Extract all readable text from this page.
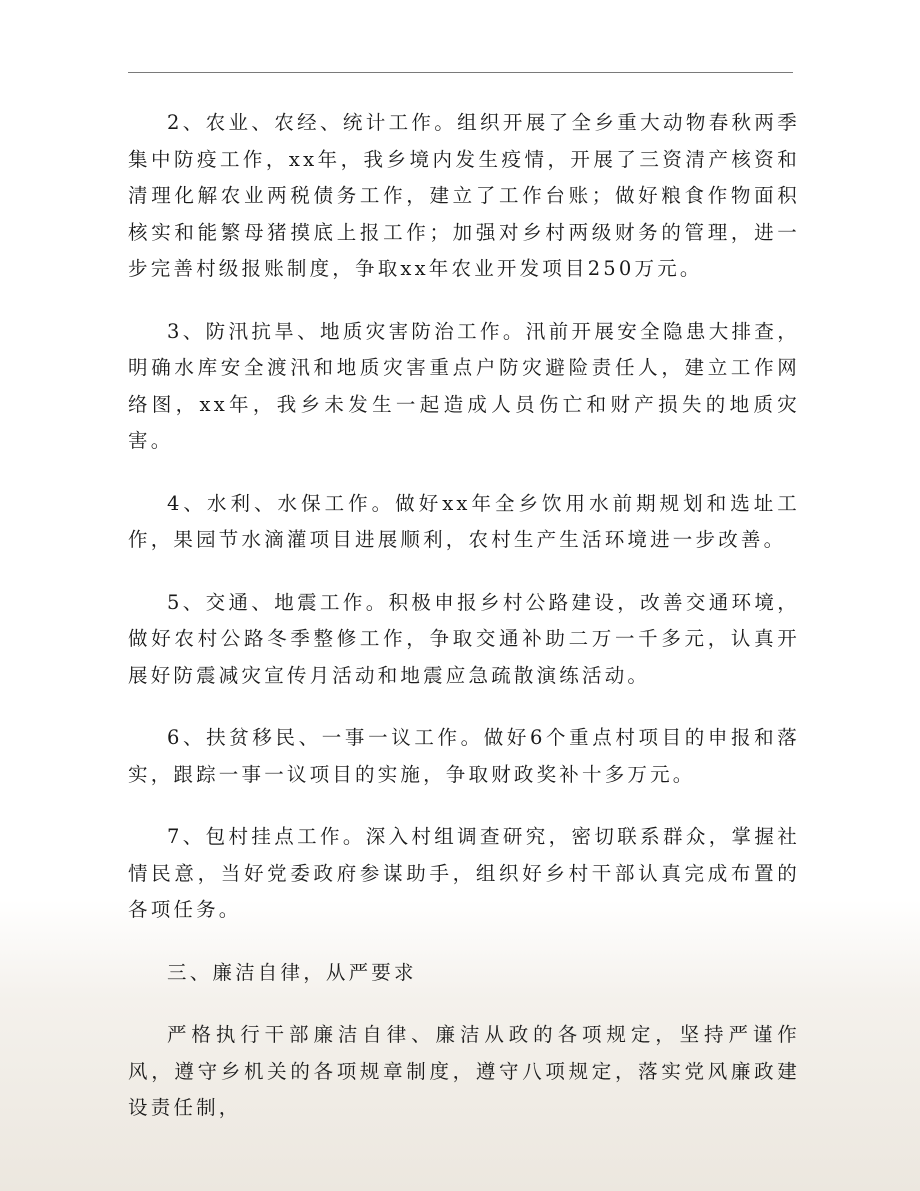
2、农业、农经、统计工作。组织开展了全乡重大动物春秋两季集中防疫工作，xx年，我乡境内发生疫情，开展了三资清产核资和清理化解农业两税债务工作，建立了工作台账；做好粮食作物面积核实和能繁母猪摸底上报工作；加强对乡村两级财务的管理，进一步完善村级报账制度，争取xx年农业开发项目250万元。

3、防汛抗旱、地质灾害防治工作。汛前开展安全隐患大排查，明确水库安全渡汛和地质灾害重点户防灾避险责任人，建立工作网络图，xx年，我乡未发生一起造成人员伤亡和财产损失的地质灾害。

4、水利、水保工作。做好xx年全乡饮用水前期规划和选址工作，果园节水滴灌项目进展顺利，农村生产生活环境进一步改善。

5、交通、地震工作。积极申报乡村公路建设，改善交通环境，做好农村公路冬季整修工作，争取交通补助二万一千多元，认真开展好防震减灾宣传月活动和地震应急疏散演练活动。

6、扶贫移民、一事一议工作。做好6个重点村项目的申报和落实，跟踪一事一议项目的实施，争取财政奖补十多万元。

7、包村挂点工作。深入村组调查研究，密切联系群众，掌握社情民意，当好党委政府参谋助手，组织好乡村干部认真完成布置的各项任务。

三、廉洁自律，从严要求

严格执行干部廉洁自律、廉洁从政的各项规定，坚持严谨作风，遵守乡机关的各项规章制度，遵守八项规定，落实党风廉政建设责任制，
